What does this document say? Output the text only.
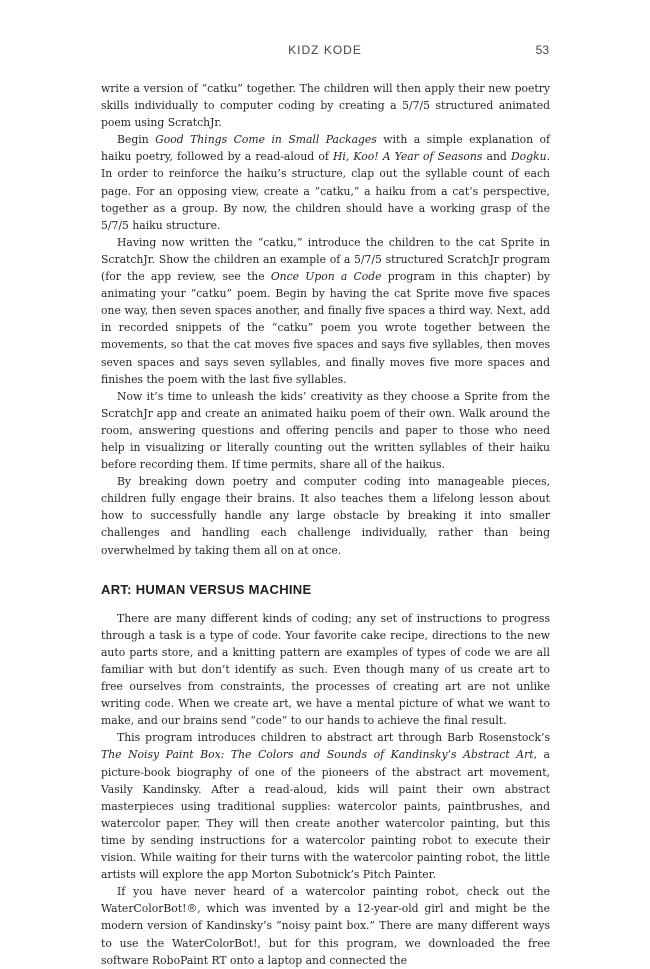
KIDZ KODE	53

write a version of “catku” together. The children will then apply their new poetry skills individually to computer coding by creating a 5/7/5 structured animated poem using ScratchJr.

Begin Good Things Come in Small Packages with a simple explanation of haiku poetry, followed by a read-aloud of Hi, Koo! A Year of Seasons and Dogku. In order to reinforce the haiku’s structure, clap out the syllable count of each page. For an opposing view, create a “catku,” a haiku from a cat’s perspective, together as a group. By now, the children should have a working grasp of the 5/7/5 haiku structure.

Having now written the “catku,” introduce the children to the cat Sprite in ScratchJr. Show the children an example of a 5/7/5 structured ScratchJr program (for the app review, see the Once Upon a Code program in this chapter) by animating your “catku” poem. Begin by having the cat Sprite move five spaces one way, then seven spaces another, and finally five spaces a third way. Next, add in recorded snippets of the “catku” poem you wrote together between the movements, so that the cat moves five spaces and says five syllables, then moves seven spaces and says seven syllables, and finally moves five more spaces and finishes the poem with the last five syllables.

Now it’s time to unleash the kids’ creativity as they choose a Sprite from the ScratchJr app and create an animated haiku poem of their own. Walk around the room, answering questions and offering pencils and paper to those who need help in visualizing or literally counting out the written syllables of their haiku before recording them. If time permits, share all of the haikus.

By breaking down poetry and computer coding into manageable pieces, children fully engage their brains. It also teaches them a lifelong lesson about how to successfully handle any large obstacle by breaking it into smaller challenges and handling each challenge individually, rather than being overwhelmed by taking them all on at once.

ART: HUMAN VERSUS MACHINE

There are many different kinds of coding; any set of instructions to progress through a task is a type of code. Your favorite cake recipe, directions to the new auto parts store, and a knitting pattern are examples of types of code we are all familiar with but don’t identify as such. Even though many of us create art to free ourselves from constraints, the processes of creating art are not unlike writing code. When we create art, we have a mental picture of what we want to make, and our brains send “code” to our hands to achieve the final result.

This program introduces children to abstract art through Barb Rosenstock’s The Noisy Paint Box: The Colors and Sounds of Kandinsky’s Abstract Art, a picture-book biography of one of the pioneers of the abstract art movement, Vasily Kandinsky. After a read-aloud, kids will paint their own abstract masterpieces using traditional supplies: watercolor paints, paintbrushes, and watercolor paper. They will then create another watercolor painting, but this time by sending instructions for a watercolor painting robot to execute their vision. While waiting for their turns with the watercolor painting robot, the little artists will explore the app Morton Subotnick’s Pitch Painter.

If you have never heard of a watercolor painting robot, check out the WaterColorBot!®, which was invented by a 12-year-old girl and might be the modern version of Kandinsky’s “noisy paint box.” There are many different ways to use the WaterColorBot!, but for this program, we downloaded the free software RoboPaint RT onto a laptop and connected the
